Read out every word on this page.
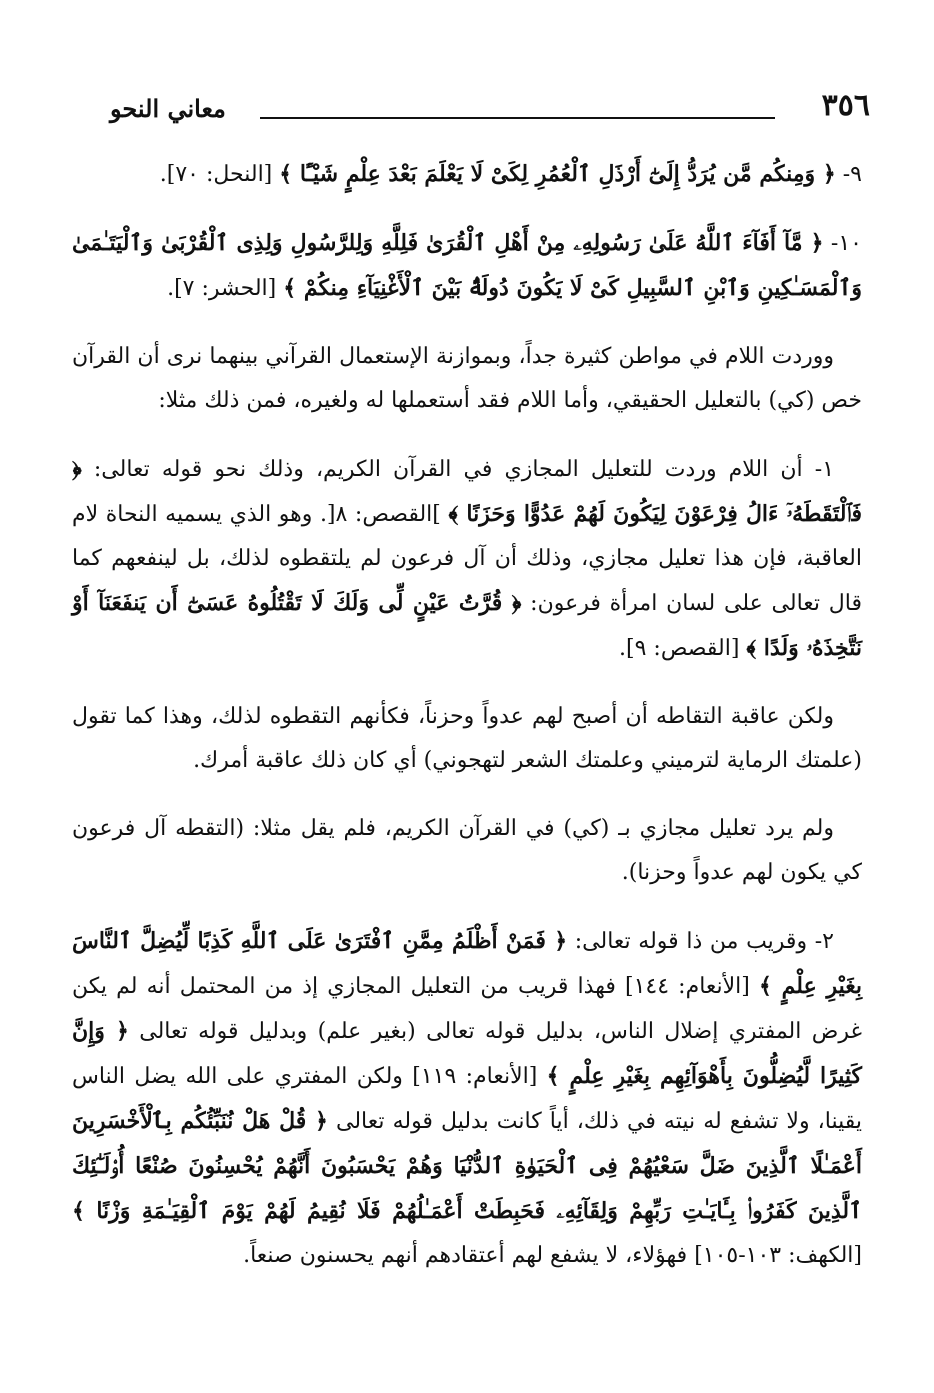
٣٥٦
معاني النحو

٩- ﴿ وَمِنكُم مَّن يُرَدُّ إِلَىٰٓ أَرْذَلِ ٱلْعُمُرِ لِكَىْ لَا يَعْلَمَ بَعْدَ عِلْمٍ شَيْـًٔا ﴾ [النحل: ٧٠].

١٠- ﴿ مَّآ أَفَآءَ ٱللَّهُ عَلَىٰ رَسُولِهِۦ مِنْ أَهْلِ ٱلْقُرَىٰ فَلِلَّهِ وَلِلرَّسُولِ وَلِذِى ٱلْقُرْبَىٰ وَٱلْيَتَـٰمَىٰ وَٱلْمَسَـٰكِينِ وَٱبْنِ ٱلسَّبِيلِ كَىْ لَا يَكُونَ دُولَةًۢ بَيْنَ ٱلْأَغْنِيَآءِ مِنكُمْ ﴾ [الحشر: ٧].

ووردت اللام في مواطن كثيرة جداً، وبموازنة الإستعمال القرآني بينهما نرى أن القرآن خص (كي) بالتعليل الحقيقي، وأما اللام فقد أستعملها له ولغيره، فمن ذلك مثلا:

١- أن اللام وردت للتعليل المجازي في القرآن الكريم، وذلك نحو قوله تعالى: ﴿ فَٱلْتَقَطَهُۥٓ ءَالُ فِرْعَوْنَ لِيَكُونَ لَهُمْ عَدُوًّا وَحَزَنًا ﴾ ]القصص: ٨[. وهو الذي يسميه النحاة لام العاقبة، فإن هذا تعليل مجازي، وذلك أن آل فرعون لم يلتقطوه لذلك، بل لينفعهم كما قال تعالى على لسان امرأة فرعون: ﴿ قُرَّتُ عَيْنٍ لِّى وَلَكَ لَا تَقْتُلُوهُ عَسَىٰٓ أَن يَنفَعَنَآ أَوْ نَتَّخِذَهُۥ وَلَدًا ﴾ [القصص: ٩].

ولكن عاقبة التقاطه أن أصبح لهم عدواً وحزناً، فكأنهم التقطوه لذلك، وهذا كما تقول (علمتك الرماية لترميني وعلمتك الشعر لتهجوني) أي كان ذلك عاقبة أمرك.

ولم يرد تعليل مجازي بـ (كي) في القرآن الكريم، فلم يقل مثلا: (التقطه آل فرعون كي يكون لهم عدواً وحزنا).

٢- وقريب من ذا قوله تعالى: ﴿ فَمَنْ أَظْلَمُ مِمَّنِ ٱفْتَرَىٰ عَلَى ٱللَّهِ كَذِبًا لِّيُضِلَّ ٱلنَّاسَ بِغَيْرِ عِلْمٍ ﴾ [الأنعام: ١٤٤] فهذا قريب من التعليل المجازي إذ من المحتمل أنه لم يكن غرض المفتري إضلال الناس، بدليل قوله تعالى (بغير علم) وبدليل قوله تعالى ﴿ وَإِنَّ كَثِيرًا لَّيُضِلُّونَ بِأَهْوَآئِهِم بِغَيْرِ عِلْمٍ ﴾ [الأنعام: ١١٩] ولكن المفتري على الله يضل الناس يقينا، ولا تشفع له نيته في ذلك، أياً كانت بدليل قوله تعالى ﴿ قُلْ هَلْ نُنَبِّئُكُم بِٱلْأَخْسَرِينَ أَعْمَـٰلًا ٱلَّذِينَ ضَلَّ سَعْيُهُمْ فِى ٱلْحَيَوٰةِ ٱلدُّنْيَا وَهُمْ يَحْسَبُونَ أَنَّهُمْ يُحْسِنُونَ صُنْعًا أُو۟لَـٰٓئِكَ ٱلَّذِينَ كَفَرُوا۟ بِـَٔايَـٰتِ رَبِّهِمْ وَلِقَآئِهِۦ فَحَبِطَتْ أَعْمَـٰلُهُمْ فَلَا نُقِيمُ لَهُمْ يَوْمَ ٱلْقِيَـٰمَةِ وَزْنًا ﴾ [الكهف: ١٠٣-١٠٥] فهؤلاء، لا يشفع لهم أعتقادهم أنهم يحسنون صنعاً.
